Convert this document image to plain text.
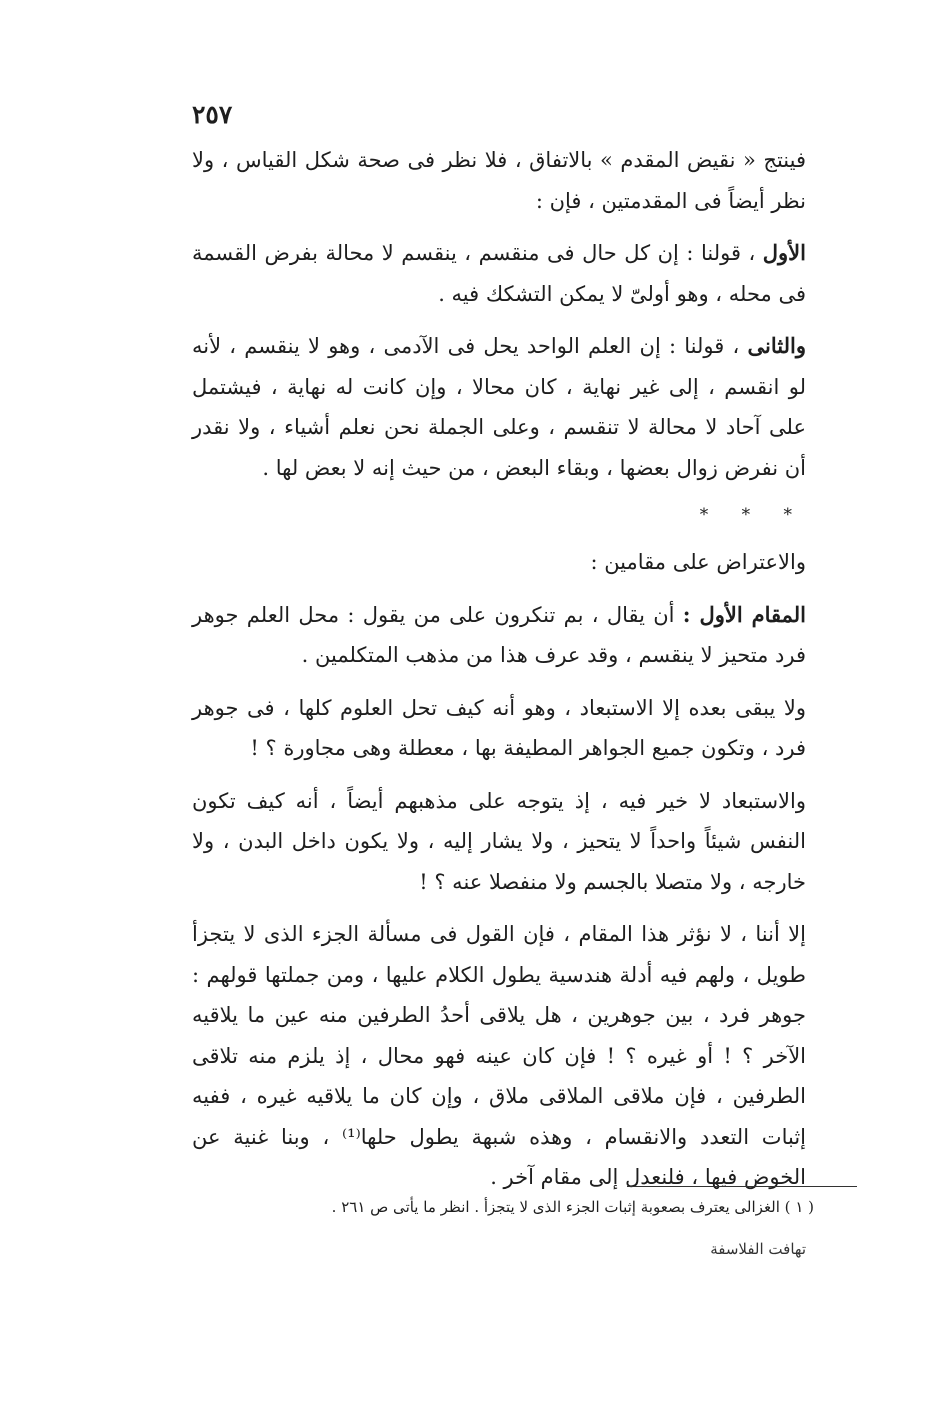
٢٥٧

فينتج « نقيض المقدم » بالاتفاق ، فلا نظر فى صحة شكل القياس ، ولا نظر أيضاً فى المقدمتين ، فإن :

الأول ، قولنا : إن كل حال فى منقسم ، ينقسم لا محالة بفرض القسمة فى محله ، وهو أولىّ لا يمكن التشكك فيه .

والثانى ، قولنا : إن العلم الواحد يحل فى الآدمى ، وهو لا ينقسم ، لأنه لو انقسم ، إلى غير نهاية ، كان محالا ، وإن كانت له نهاية ، فيشتمل على آحاد لا محالة لا تنقسم ، وعلى الجملة نحن نعلم أشياء ، ولا نقدر أن نفرض زوال بعضها ، وبقاء البعض ، من حيث إنه لا بعض لها .

* * *

والاعتراض على مقامين :

المقام الأول : أن يقال ، بم تنكرون على من يقول : محل العلم جوهر فرد متحيز لا ينقسم ، وقد عرف هذا من مذهب المتكلمين .

ولا يبقى بعده إلا الاستبعاد ، وهو أنه كيف تحل العلوم كلها ، فى جوهر فرد ، وتكون جميع الجواهر المطيفة بها ، معطلة وهى مجاورة ؟ !

والاستبعاد لا خير فيه ، إذ يتوجه على مذهبهم أيضاً ، أنه كيف تكون النفس شيئاً واحداً لا يتحيز ، ولا يشار إليه ، ولا يكون داخل البدن ، ولا خارجه ، ولا متصلا بالجسم ولا منفصلا عنه ؟ !

إلا أننا ، لا نؤثر هذا المقام ، فإن القول فى مسألة الجزء الذى لا يتجزأ طويل ، ولهم فيه أدلة هندسية يطول الكلام عليها ، ومن جملتها قولهم : جوهر فرد ، بين جوهرين ، هل يلاقى أحدُ الطرفين منه عين ما يلاقيه الآخر ؟ ! أو غيره ؟ ! فإن كان عينه فهو محال ، إذ يلزم منه تلاقى الطرفين ، فإن ملاقى الملاقى ملاق ، وإن كان ما يلاقيه غيره ، ففيه إثبات التعدد والانقسام ، وهذه شبهة يطول حلها⁽¹⁾ ، وبنا غنية عن الخوض فيها ، فلنعدل إلى مقام آخر .

( ١ ) الغزالى يعترف بصعوبة إثبات الجزء الذى لا يتجزأ . انظر ما يأتى ص ٢٦١ .
تهافت الفلاسفة
